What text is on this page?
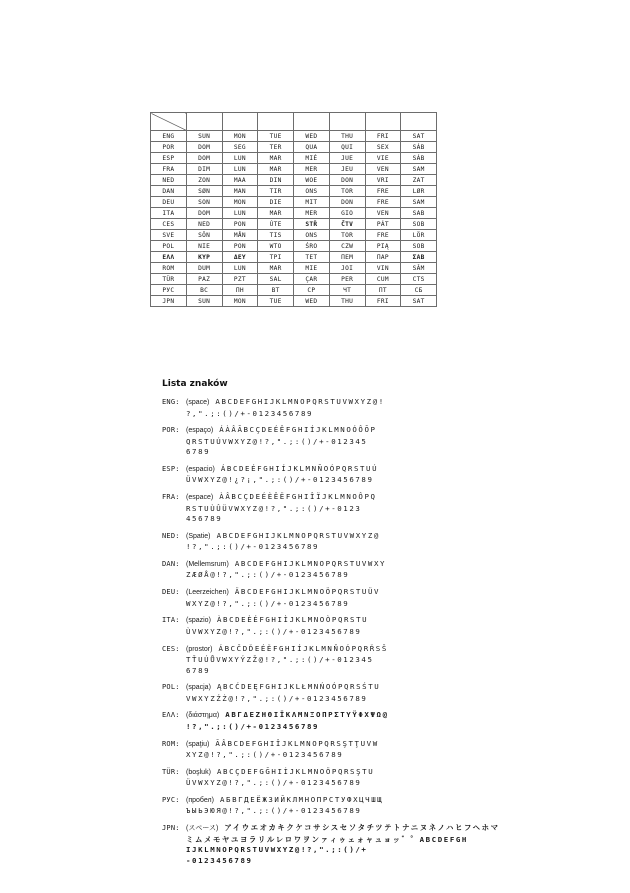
ENG	SUN	MON	TUE	WED	THU	FRI	SAT
POR	DOM	SEG	TER	QUA	QUI	SEX	SÁB
ESP	DOM	LUN	MAR	MIÉ	JUE	VIE	SÁB
FRA	DIM	LUN	MAR	MER	JEU	VEN	SAM
NED	ZON	MAA	DIN	WOE	DON	VRI	ZAT
DAN	SØN	MAN	TIR	ONS	TOR	FRE	LØR
DEU	SON	MON	DIE	MIT	DON	FRE	SAM
ITA	DOM	LUN	MAR	MER	GIO	VEN	SAB
CES	NED	PON	ÚTE	STŘ	ČTV	PÁT	SOB
SVE	SÖN	MÅN	TIS	ONS	TOR	FRE	LÖR
POL	NIE	PON	WTO	ŚRO	CZW	PIĄ	SOB
ΕΛΛ	ΚΥΡ	ΔΕΥ	ΤΡΙ	ΤΕΤ	ΠΕΜ	ΠΑΡ	ΣΑΒ
ROM	DUM	LUN	MAR	MIE	JOI	VIN	SÂM
TÜR	PAZ	PZT	SAL	ÇAR	PER	CUM	CTS
РУС	ВС	ПН	ВТ	СР	ЧТ	ПТ	СБ
JPN	SUN	MON	TUE	WED	THU	FRI	SAT
Lista znaków
ENG: (space) ABCDEFGHIJKLMNOPQRSTUVWXYZ@!
?,".;:()/+-0123456789
POR: (espaço) ÁÀÂÃBCÇDEÉÊFGHIÍJKLMNOÓÔÕP
QRSTUÚVWXYZ@!?,".;:()/+-012345
6789
ESP: (espacio) ÁBCDEÉFGHIÍJKLMNÑOÓPQRSTUÚ
ÜVWXYZ@!¿?¡,".;:()/+-0123456789
FRA: (espace) ÀÂBCÇDEÉÈÊËFGHIÎÏJKLMNOÔPQ
RSTUÙÛÜVWXYZ@!?,".;:()/+-0123
456789
NED: (Spatie) ABCDEFGHIJKLMNOPQRSTUVWXYZ@
!?,".;:()/+-0123456789
DAN: (Mellemsrum) ABCDEFGHIJKLMNOPQRSTUVWXY
ZÆØÅ@!?,".;:()/+-0123456789
DEU: (Leerzeichen) ÄBCDEFGHIJKLMNOÖPQRSTUÜV
WXYZ@!?,".;:()/+-0123456789
ITA: (spazio) ÀBCDEÈÉFGHIÌJKLMNOÒPQRSTU
ÙVWXYZ@!?,".;:()/+-0123456789
CES: (prostor) ÁBCČDĎEÉĚFGHIÍJKLMNŇOÓPQRŘSŠ
TŤUÚŮVWXYÝZŽ@!?,".;:()/+-012345
6789
POL: (spacja) ĄBCĆDEĘFGHIJKLŁMNŃOÓPQRSŚTU
VWXYZŹŻ@!?,".;:()/+-0123456789
ΕΛΛ: (διάστημα) ΑΒΓΔΕΖΗΘΙΪΚΛΜΝΞΟΠΡΣΤΥΫΦΧΨΩ@
!?,".;:()/+-0123456789
ROM: (spaţiu) ĂÂBCDEFGHIÎJKLMNOPQRSŞTŢUVW
XYZ@!?,".;:()/+-0123456789
TÜR: (boşluk) ABCÇDEFGĞHIİJKLMNOÖPQRSŞTU
ÜVWXYZ@!?,".;:()/+-0123456789
РУС: (пробел) АБВГДЕЁЖЗИЙКЛМНОПРСТУФХЦЧШЩ
ЪЫЬЭЮЯ@!?,".;:()/+-0123456789
JPN: (スペース) アイウエオカキクケコサシスセソタチツテトナニヌネノハヒフヘホマ
ミムメモヤユヨラリルレロワヲンァィゥェォャュョッ゛゜ABCDEFGH
IJKLMNOPQRSTUVWXYZ@!?,".;:()/+
-0123456789
